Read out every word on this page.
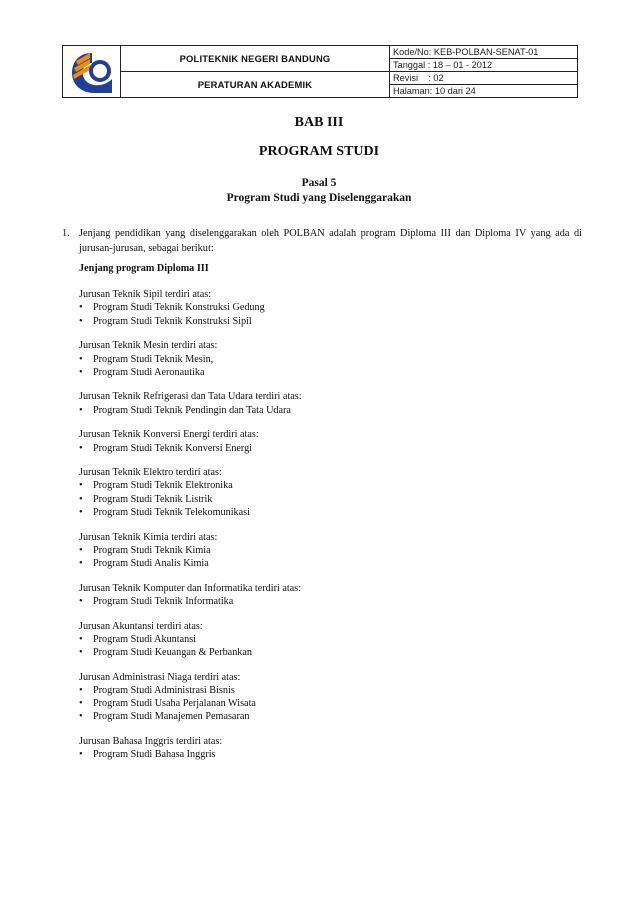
	POLITEKNIK NEGERI BANDUNG	Kode/No: KEB-POLBAN-SENAT-01
		Tanggal : 18 – 01 - 2012
	PERATURAN AKADEMIK	Revisi : 02
		Halaman: 10 dari 24
BAB III
PROGRAM STUDI
Pasal 5
Program Studi yang Diselenggarakan
1. Jenjang pendidikan yang diselenggarakan oleh POLBAN adalah program Diploma III dan Diploma IV yang ada di jurusan-jurusan, sebagai berikut:
Jenjang program Diploma III
Jurusan Teknik Sipil terdiri atas:
• Program Studi Teknik Konstruksi Gedung
• Program Studi Teknik Konstruksi Sipil
Jurusan Teknik Mesin terdiri atas:
• Program Studi Teknik Mesin,
• Program Studi Aeronautika
Jurusan Teknik Refrigerasi dan Tata Udara terdiri atas:
• Program Studi Teknik Pendingin dan Tata Udara
Jurusan Teknik Konversi Energi terdiri atas:
• Program Studi Teknik Konversi Energi
Jurusan Teknik Elektro terdiri atas:
• Program Studi Teknik Elektronika
• Program Studi Teknik Listrik
• Program Studi Teknik Telekomunikasi
Jurusan Teknik Kimia terdiri atas:
• Program Studi Teknik Kimia
• Program Studi Analis Kimia
Jurusan Teknik Komputer dan Informatika terdiri atas:
• Program Studi Teknik Informatika
Jurusan Akuntansi terdiri atas:
• Program Studi Akuntansi
• Program Studi Keuangan & Perbankan
Jurusan Administrasi Niaga terdiri atas:
• Program Studi Administrasi Bisnis
• Program Studi Usaha Perjalanan Wisata
• Program Studi Manajemen Pemasaran
Jurusan Bahasa Inggris terdiri atas:
• Program Studi Bahasa Inggris
